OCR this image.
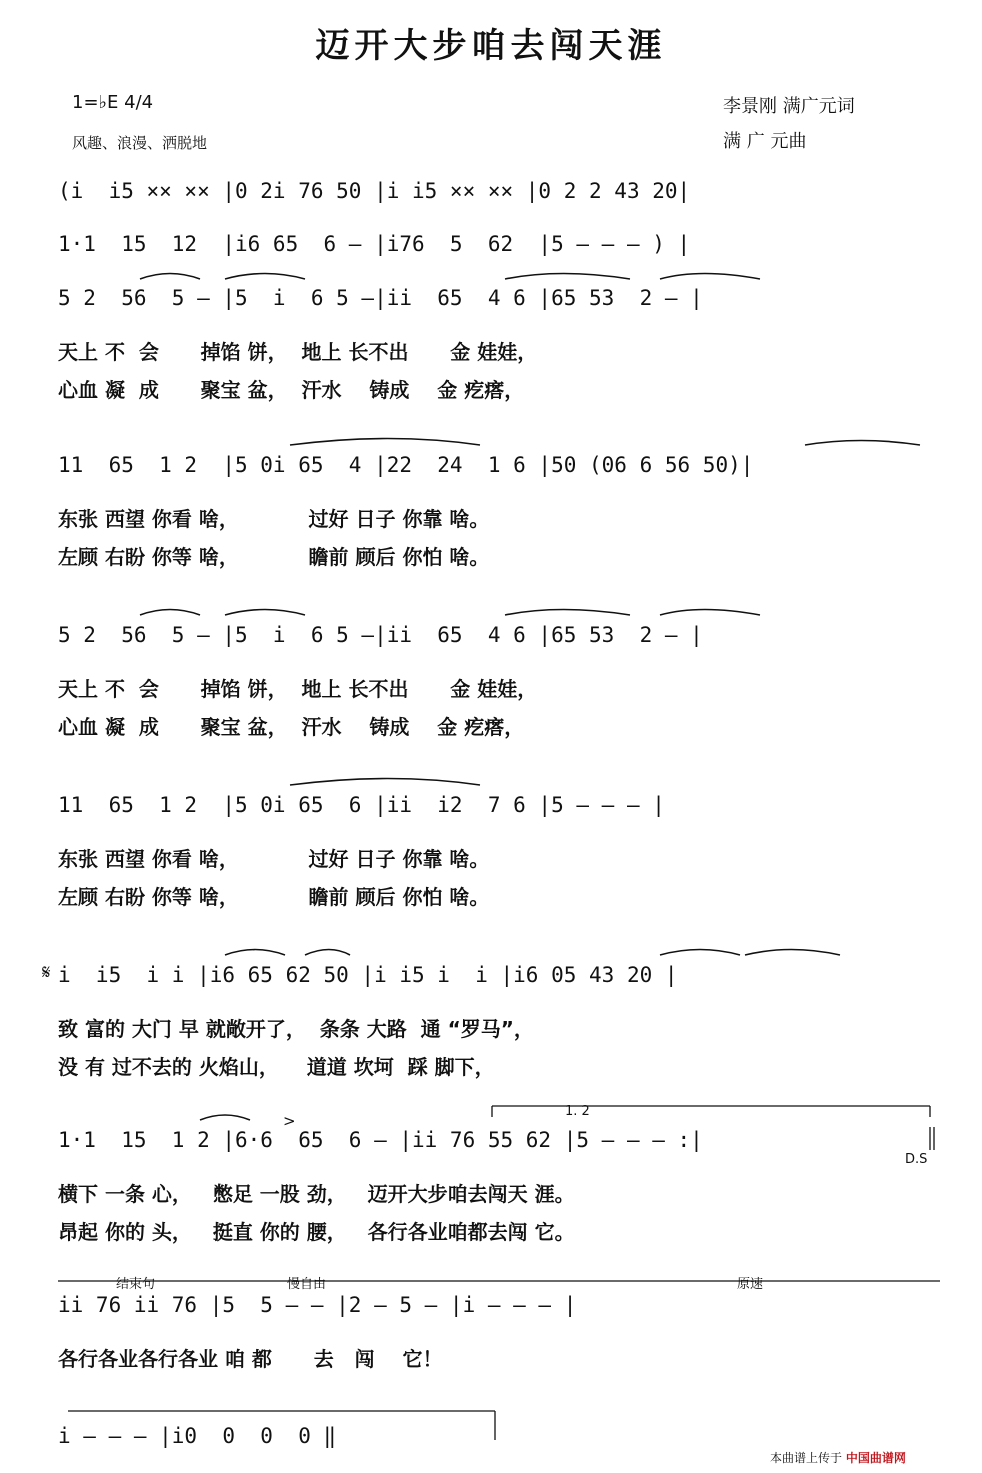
迈开大步咱去闯天涯
1=♭E 4/4
风趣、浪漫、洒脱地
李景刚 满广元词
满 广 元曲
(i  i5 ×× ×× |0 2i 76 50 |i i5 ×× ×× |0 2 2 43 20|
1·1  15  12  |i6 65  6 — |i76  5  62  |5 — — — ) |
5 2  56  5 — |5  i  6 5 —|ii  65  4 6 |65 53  2 — |
天上 不  会      掉馅 饼，  地上 长不出      金 娃娃，
心血 凝  成      聚宝 盆，  汗水    铸成    金 疙瘩，
11  65  1 2  |5 0i 65  4 |22  24  1 6 |50 (06 6 56 50)|
东张 西望 你看 啥，          过好 日子 你靠 啥。
左顾 右盼 你等 啥，          瞻前 顾后 你怕 啥。
5 2  56  5 — |5  i  6 5 —|ii  65  4 6 |65 53  2 — |
天上 不  会      掉馅 饼，  地上 长不出      金 娃娃，
心血 凝  成      聚宝 盆，  汗水    铸成    金 疙瘩，
11  65  1 2  |5 0i 65  6 |ii  i2  7 6 |5 — — — |
东张 西望 你看 啥，          过好 日子 你靠 啥。
左顾 右盼 你等 啥，          瞻前 顾后 你怕 啥。
𝄋 i  i5  i i |i6 65 62 50 |i i5 i  i |i6 05 43 20 |
致 富的 大门 早 就敞开了，  条条 大路  通 “罗马”，
没 有 过不去的 火焰山，    道道 坎坷  踩 脚下，
1. 2
>
1·1  15  1 2 |6·6  65  6 — |ii 76 55 62 |5 — — — :|
D.S
横下 一条 心，   憋足 一股 劲，   迈开大步咱去闯天 涯。
昂起 你的 头，   挺直 你的 腰，   各行各业咱都去闯 它。
结束句	慢自由	原速
ii 76 ii 76 |5  5 — — |2 — 5 — |i — — — |
各行各业各行各业 咱 都      去   闯    它！
i — — — |i0  0  0  0 ‖
本曲谱上传于 中国曲谱网
